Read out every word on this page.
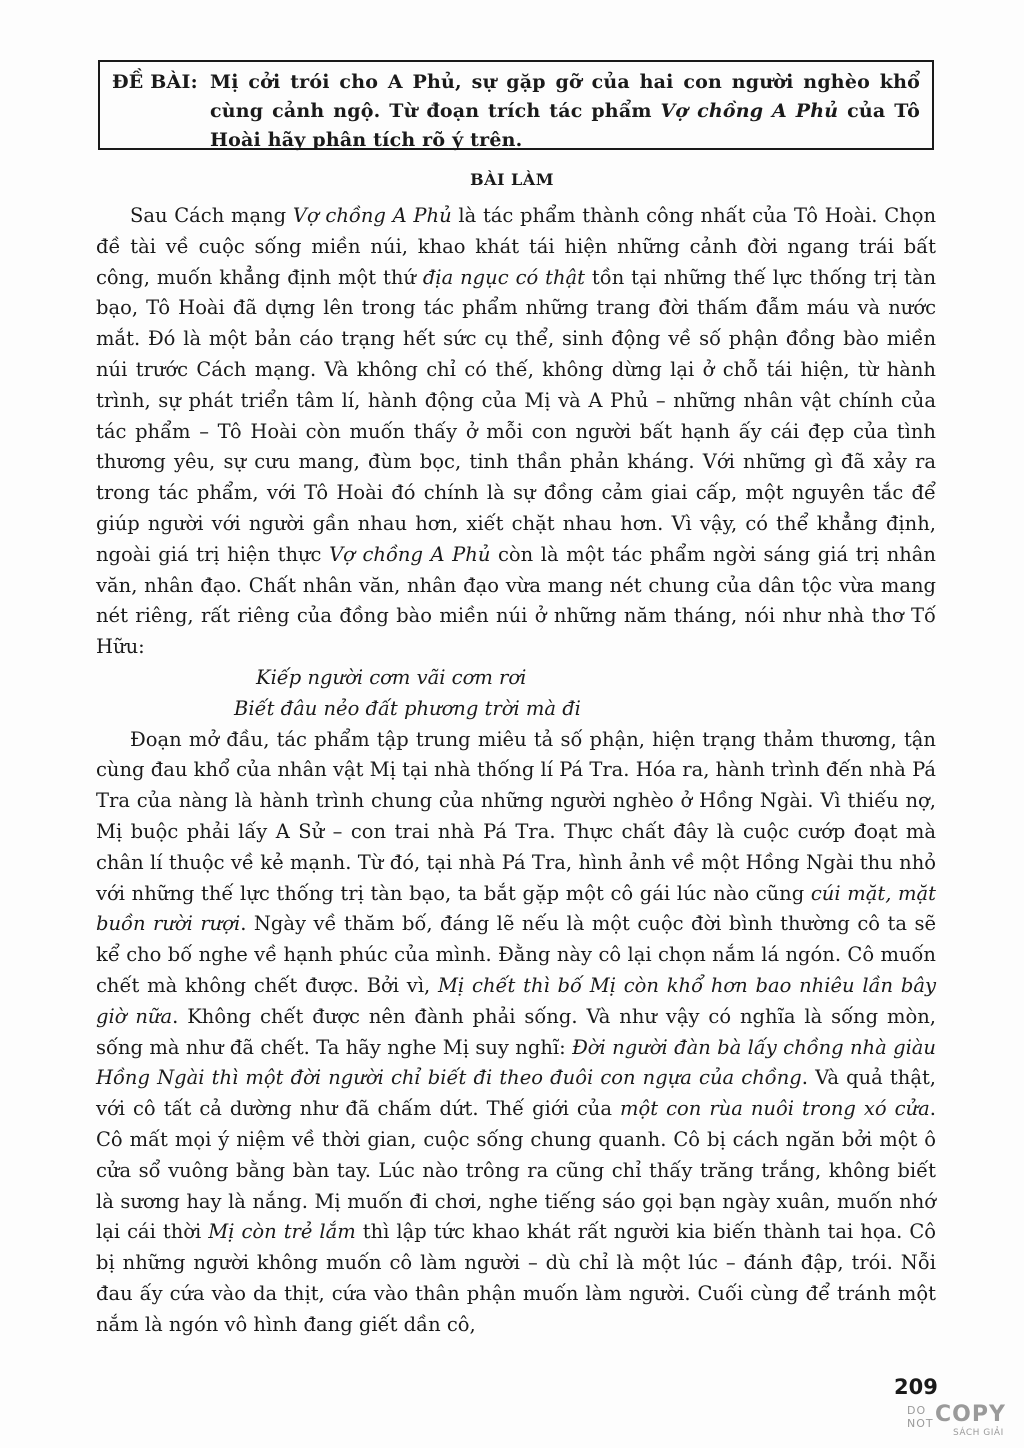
ĐỀ BÀI: Mị cởi trói cho A Phủ, sự gặp gỡ của hai con người nghèo khổ cùng cảnh ngộ. Từ đoạn trích tác phẩm Vợ chồng A Phủ của Tô Hoài hãy phân tích rõ ý trên.
BÀI LÀM

Sau Cách mạng Vợ chồng A Phủ là tác phẩm thành công nhất của Tô Hoài. Chọn đề tài về cuộc sống miền núi, khao khát tái hiện những cảnh đời ngang trái bất công, muốn khẳng định một thứ địa ngục có thật tồn tại những thế lực thống trị tàn bạo, Tô Hoài đã dựng lên trong tác phẩm những trang đời thấm đẫm máu và nước mắt. Đó là một bản cáo trạng hết sức cụ thể, sinh động về số phận đồng bào miền núi trước Cách mạng. Và không chỉ có thế, không dừng lại ở chỗ tái hiện, từ hành trình, sự phát triển tâm lí, hành động của Mị và A Phủ – những nhân vật chính của tác phẩm – Tô Hoài còn muốn thấy ở mỗi con người bất hạnh ấy cái đẹp của tình thương yêu, sự cưu mang, đùm bọc, tinh thần phản kháng. Với những gì đã xảy ra trong tác phẩm, với Tô Hoài đó chính là sự đồng cảm giai cấp, một nguyên tắc để giúp người với người gần nhau hơn, xiết chặt nhau hơn. Vì vậy, có thể khẳng định, ngoài giá trị hiện thực Vợ chồng A Phủ còn là một tác phẩm ngời sáng giá trị nhân văn, nhân đạo. Chất nhân văn, nhân đạo vừa mang nét chung của dân tộc vừa mang nét riêng, rất riêng của đồng bào miền núi ở những năm tháng, nói như nhà thơ Tố Hữu:

Kiếp người cơm vãi cơm rơi

Biết đâu nẻo đất phương trời mà đi

Đoạn mở đầu, tác phẩm tập trung miêu tả số phận, hiện trạng thảm thương, tận cùng đau khổ của nhân vật Mị tại nhà thống lí Pá Tra. Hóa ra, hành trình đến nhà Pá Tra của nàng là hành trình chung của những người nghèo ở Hồng Ngài. Vì thiếu nợ, Mị buộc phải lấy A Sử – con trai nhà Pá Tra. Thực chất đây là cuộc cướp đoạt mà chân lí thuộc về kẻ mạnh. Từ đó, tại nhà Pá Tra, hình ảnh về một Hồng Ngài thu nhỏ với những thế lực thống trị tàn bạo, ta bắt gặp một cô gái lúc nào cũng cúi mặt, mặt buồn rười rượi. Ngày về thăm bố, đáng lẽ nếu là một cuộc đời bình thường cô ta sẽ kể cho bố nghe về hạnh phúc của mình. Đằng này cô lại chọn nắm lá ngón. Cô muốn chết mà không chết được. Bởi vì, Mị chết thì bố Mị còn khổ hơn bao nhiêu lần bây giờ nữa. Không chết được nên đành phải sống. Và như vậy có nghĩa là sống mòn, sống mà như đã chết. Ta hãy nghe Mị suy nghĩ: Đời người đàn bà lấy chồng nhà giàu Hồng Ngài thì một đời người chỉ biết đi theo đuôi con ngựa của chồng. Và quả thật, với cô tất cả dường như đã chấm dứt. Thế giới của một con rùa nuôi trong xó cửa. Cô mất mọi ý niệm về thời gian, cuộc sống chung quanh. Cô bị cách ngăn bởi một ô cửa sổ vuông bằng bàn tay. Lúc nào trông ra cũng chỉ thấy trăng trắng, không biết là sương hay là nắng. Mị muốn đi chơi, nghe tiếng sáo gọi bạn ngày xuân, muốn nhớ lại cái thời Mị còn trẻ lắm thì lập tức khao khát rất người kia biến thành tai họa. Cô bị những người không muốn cô làm người – dù chỉ là một lúc – đánh đập, trói. Nỗi đau ấy cứa vào da thịt, cứa vào thân phận muốn làm người. Cuối cùng để tránh một nắm là ngón vô hình đang giết dần cô,

209
DO
NOT COPY
SÁCH GIẢI
